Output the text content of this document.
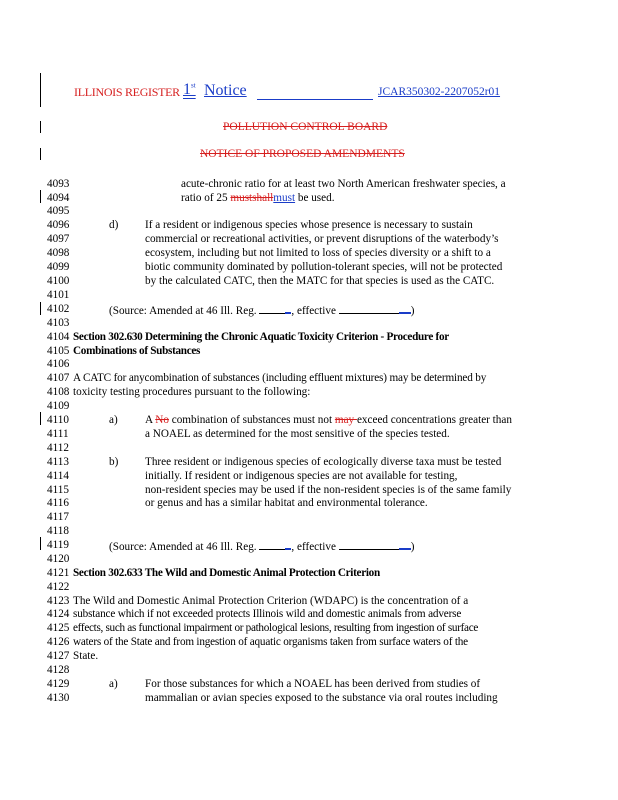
ILLINOIS REGISTER 1st Notice	JCAR350302-2207052r01
POLLUTION CONTROL BOARD
NOTICE OF PROPOSED AMENDMENTS
4093
4094
4095
4096
4097
4098
4099
4100
4101
4102
4103
4104
4105
4106
4107
4108
4109
4110
4111
4112
4113
4114
4115
4116
4117
4118
4119
4120
4121
4122
4123
4124
4125
4126
4127
4128
4129
4130
acute-chronic ratio for at least two North American freshwater species, a
ratio of 25 mustshallmust be used.
d) If a resident or indigenous species whose presence is necessary to sustain
commercial or recreational activities, or prevent disruptions of the waterbody’s
ecosystem, including but not limited to loss of species diversity or a shift to a
biotic community dominated by pollution-tolerant species, will not be protected
by the calculated CATC, then the MATC for that species is used as the CATC.
(Source: Amended at 46 Ill. Reg.	, effective	)
Section 302.630 Determining the Chronic Aquatic Toxicity Criterion - Procedure for
Combinations of Substances
A CATC for anycombination of substances (including effluent mixtures) may be determined by
toxicity testing procedures pursuant to the following:
a) A No combination of substances must not may exceed concentrations greater than
a NOAEL as determined for the most sensitive of the species tested.
b) Three resident or indigenous species of ecologically diverse taxa must be tested
initially. If resident or indigenous species are not available for testing,
non-resident species may be used if the non-resident species is of the same family
or genus and has a similar habitat and environmental tolerance.
(Source: Amended at 46 Ill. Reg.	, effective	)
Section 302.633 The Wild and Domestic Animal Protection Criterion
The Wild and Domestic Animal Protection Criterion (WDAPC) is the concentration of a
substance which if not exceeded protects Illinois wild and domestic animals from adverse
effects, such as functional impairment or pathological lesions, resulting from ingestion of surface
waters of the State and from ingestion of aquatic organisms taken from surface waters of the
State.
a) For those substances for which a NOAEL has been derived from studies of
mammalian or avian species exposed to the substance via oral routes including
